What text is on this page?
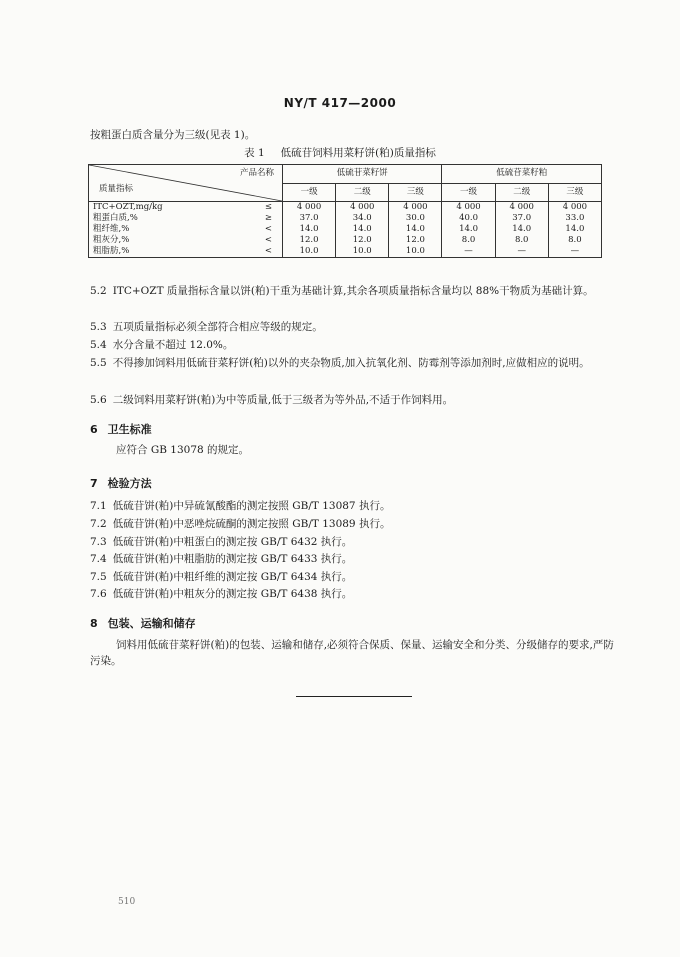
NY/T 417—2000
按粗蛋白质含量分为三级(见表 1)。
表 1 低硫苷饲料用菜籽饼(粕)质量指标
产品名称
质量指标		低硫苷菜籽饼			低硫苷菜籽粕		
		一级	二级	三级	一级	二级	三级
ITC+OZT,mg/kg	≤	4 000	4 000	4 000	4 000	4 000	4 000
粗蛋白质,%	≥	37.0	34.0	30.0	40.0	37.0	33.0
粗纤维,%	<	14.0	14.0	14.0	14.0	14.0	14.0
粗灰分,%	<	12.0	12.0	12.0	8.0	8.0	8.0
粗脂肪,%	<	10.0	10.0	10.0	—	—	—
5.2 ITC+OZT 质量指标含量以饼(粕)干重为基础计算,其余各项质量指标含量均以 88%干物质为基础计算。
5.3 五项质量指标必须全部符合相应等级的规定。
5.4 水分含量不超过 12.0%。
5.5 不得掺加饲料用低硫苷菜籽饼(粕)以外的夹杂物质,加入抗氧化剂、防霉剂等添加剂时,应做相应的说明。
5.6 二级饲料用菜籽饼(粕)为中等质量,低于三级者为等外品,不适于作饲料用。
6 卫生标准
应符合 GB 13078 的规定。
7 检验方法
7.1 低硫苷饼(粕)中异硫氰酸酯的测定按照 GB/T 13087 执行。
7.2 低硫苷饼(粕)中恶唑烷硫酮的测定按照 GB/T 13089 执行。
7.3 低硫苷饼(粕)中粗蛋白的测定按 GB/T 6432 执行。
7.4 低硫苷饼(粕)中粗脂肪的测定按 GB/T 6433 执行。
7.5 低硫苷饼(粕)中粗纤维的测定按 GB/T 6434 执行。
7.6 低硫苷饼(粕)中粗灰分的测定按 GB/T 6438 执行。
8 包装、运输和储存
饲料用低硫苷菜籽饼(粕)的包装、运输和储存,必须符合保质、保量、运输安全和分类、分级储存的要求,严防污染。
510
